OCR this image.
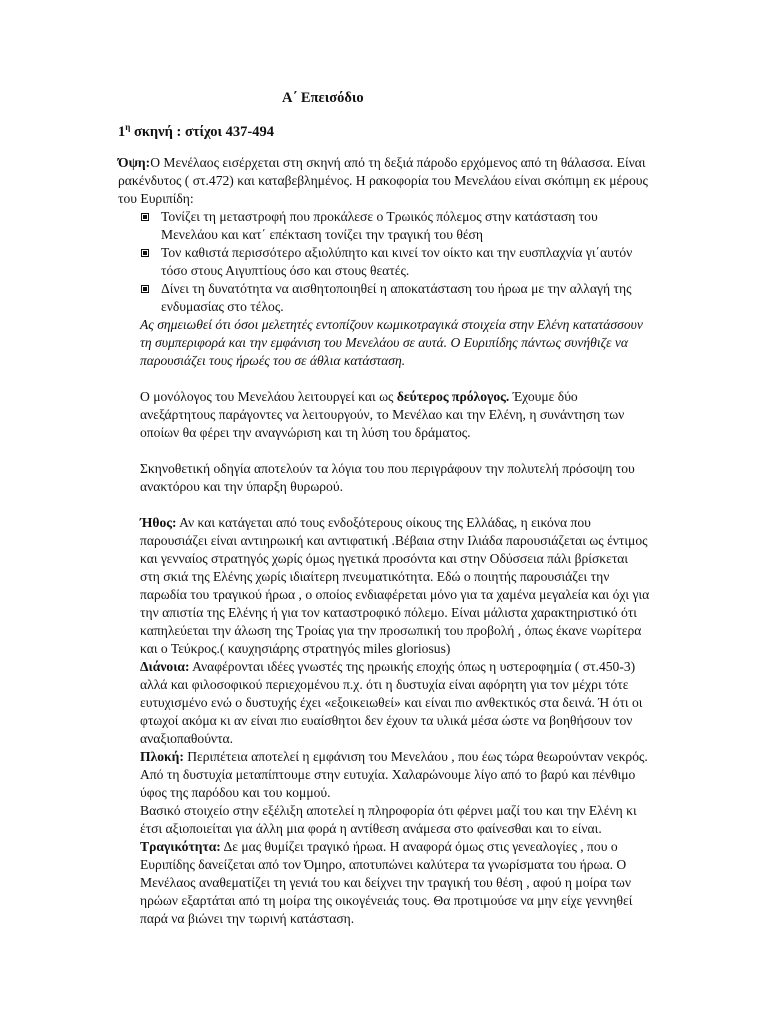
Α΄ Επεισόδιο

$1^\eta$ σκηνή : στίχοι 437-494

Όψη:Ο Μενέλαος εισέρχεται στη σκηνή από τη δεξιά πάροδο ερχόμενος από τη θάλασσα. Είναι ρακένδυτος ( στ.472) και καταβεβλημένος. Η ρακοφορία του Μενελάου είναι σκόπιμη εκ μέρους του Ευριπίδη:

Τονίζει τη μεταστροφή που προκάλεσε ο Τρωικός πόλεμος στην κατάσταση του Μενελάου και κατ΄ επέκταση τονίζει την τραγική του θέση
Τον καθιστά περισσότερο αξιολύπητο και κινεί τον οίκτο και την ευσπλαχνία γι΄αυτόν τόσο στους Αιγυπτίους όσο και στους θεατές.
Δίνει τη δυνατότητα να αισθητοποιηθεί η αποκατάσταση του ήρωα με την αλλαγή της ενδυμασίας στο τέλος.

Ας σημειωθεί ότι όσοι μελετητές εντοπίζουν κωμικοτραγικά στοιχεία στην Ελένη κατατάσσουν τη συμπεριφορά και την εμφάνιση του Μενελάου σε αυτά. Ο Ευριπίδης πάντως συνήθιζε να παρουσιάζει τους ήρωές του σε άθλια κατάσταση.

Ο μονόλογος του Μενελάου λειτουργεί και ως δεύτερος πρόλογος. Έχουμε δύο ανεξάρτητους παράγοντες να λειτουργούν, το Μενέλαο και την Ελένη, η συνάντηση των οποίων θα φέρει την αναγνώριση και τη λύση του δράματος.

Σκηνοθετική οδηγία αποτελούν τα λόγια του που περιγράφουν την πολυτελή πρόσοψη του ανακτόρου και την ύπαρξη θυρωρού.

Ήθος: Αν και κατάγεται από τους ενδοξότερους οίκους της Ελλάδας, η εικόνα που παρουσιάζει είναι αντιηρωική και αντιφατική .Βέβαια στην Ιλιάδα παρουσιάζεται ως έντιμος και γενναίος στρατηγός χωρίς όμως ηγετικά προσόντα και στην Οδύσσεια πάλι βρίσκεται στη σκιά της Ελένης χωρίς ιδιαίτερη πνευματικότητα. Εδώ ο ποιητής παρουσιάζει την παρωδία του τραγικού ήρωα , ο οποίος ενδιαφέρεται μόνο για τα χαμένα μεγαλεία και όχι για την απιστία της Ελένης ή για τον καταστροφικό πόλεμο. Είναι μάλιστα χαρακτηριστικό ότι καπηλεύεται την άλωση της Τροίας για την προσωπική του προβολή , όπως έκανε νωρίτερα και ο Τεύκρος.( καυχησιάρης στρατηγός miles gloriosus)

Διάνοια: Αναφέρονται ιδέες γνωστές της ηρωικής εποχής όπως η υστεροφημία ( στ.450-3) αλλά και φιλοσοφικού περιεχομένου π.χ. ότι η δυστυχία είναι αφόρητη για τον μέχρι τότε ευτυχισμένο ενώ ο δυστυχής έχει «εξοικειωθεί» και είναι πιο ανθεκτικός στα δεινά. Ή ότι οι φτωχοί ακόμα κι αν είναι πιο ευαίσθητοι δεν έχουν τα υλικά μέσα ώστε να βοηθήσουν τον αναξιοπαθούντα.

Πλοκή: Περιπέτεια αποτελεί η εμφάνιση του Μενελάου , που έως τώρα θεωρούνταν νεκρός. Από τη δυστυχία μεταπίπτουμε στην ευτυχία. Χαλαρώνουμε λίγο από το βαρύ και πένθιμο ύφος της παρόδου και του κομμού.

Βασικό στοιχείο στην εξέλιξη αποτελεί η πληροφορία ότι φέρνει μαζί του και την Ελένη κι έτσι αξιοποιείται για άλλη μια φορά η αντίθεση ανάμεσα στο φαίνεσθαι και το είναι.

Τραγικότητα: Δε μας θυμίζει τραγικό ήρωα. Η αναφορά όμως στις γενεαλογίες , που ο Ευριπίδης δανείζεται από τον Όμηρο, αποτυπώνει καλύτερα τα γνωρίσματα του ήρωα. Ο Μενέλαος αναθεματίζει τη γενιά του και δείχνει την τραγική του θέση , αφού η μοίρα των ηρώων εξαρτάται από τη μοίρα της οικογένειάς τους. Θα προτιμούσε να μην είχε γεννηθεί παρά να βιώνει την τωρινή κατάσταση.
